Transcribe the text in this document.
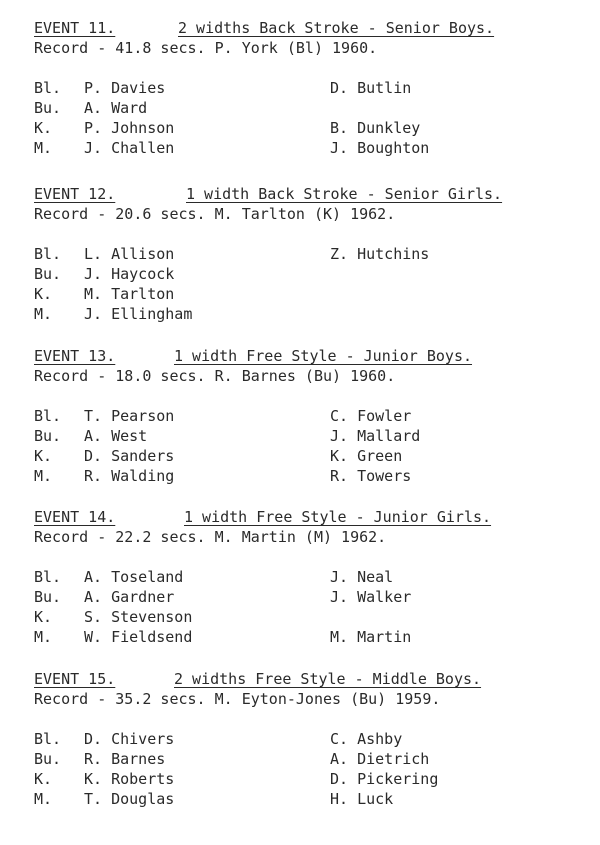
EVENT 11.	2 widths Back Stroke - Senior Boys.
Record - 41.8 secs. P. York (Bl) 1960.
Bl. P. Davies	D. Butlin
Bu. A. Ward
K. P. Johnson	B. Dunkley
M. J. Challen	J. Boughton
EVENT 12.	1 width Back Stroke - Senior Girls.
Record - 20.6 secs. M. Tarlton (K) 1962.
Bl. L. Allison	Z. Hutchins
Bu. J. Haycock
K. M. Tarlton
M. J. Ellingham
EVENT 13.	1 width Free Style - Junior Boys.
Record - 18.0 secs. R. Barnes (Bu) 1960.
Bl. T. Pearson	C. Fowler
Bu. A. West	J. Mallard
K. D. Sanders	K. Green
M. R. Walding	R. Towers
EVENT 14.	1 width Free Style - Junior Girls.
Record - 22.2 secs. M. Martin (M) 1962.
Bl. A. Toseland	J. Neal
Bu. A. Gardner	J. Walker
K. S. Stevenson
M. W. Fieldsend	M. Martin
EVENT 15.	2 widths Free Style - Middle Boys.
Record - 35.2 secs. M. Eyton-Jones (Bu) 1959.
Bl. D. Chivers	C. Ashby
Bu. R. Barnes	A. Dietrich
K. K. Roberts	D. Pickering
M. T. Douglas	H. Luck
